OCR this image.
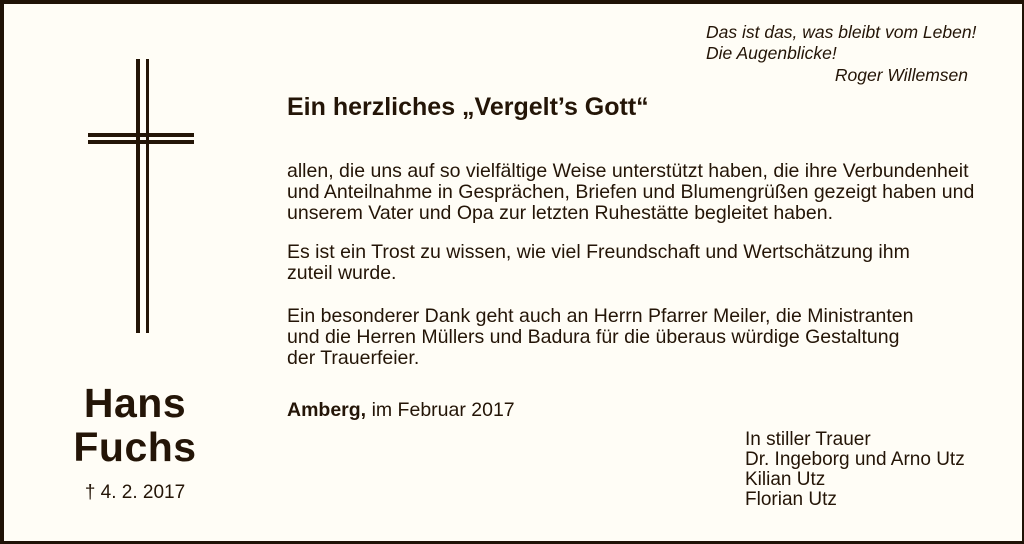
Das ist das, was bleibt vom Leben!
Die Augenblicke!
Roger Willemsen
Ein herzliches „Vergelt’s Gott“
allen, die uns auf so vielfältige Weise unterstützt haben, die ihre Verbundenheit
und Anteilnahme in Gesprächen, Briefen und Blumengrüßen gezeigt haben und
unserem Vater und Opa zur letzten Ruhestätte begleitet haben.
Es ist ein Trost zu wissen, wie viel Freundschaft und Wertschätzung ihm
zuteil wurde.
Ein besonderer Dank geht auch an Herrn Pfarrer Meiler, die Ministranten
und die Herren Müllers und Badura für die überaus würdige Gestaltung
der Trauerfeier.
Amberg, im Februar 2017
Hans
Fuchs
† 4. 2. 2017
In stiller Trauer
Dr. Ingeborg und Arno Utz
Kilian Utz
Florian Utz
